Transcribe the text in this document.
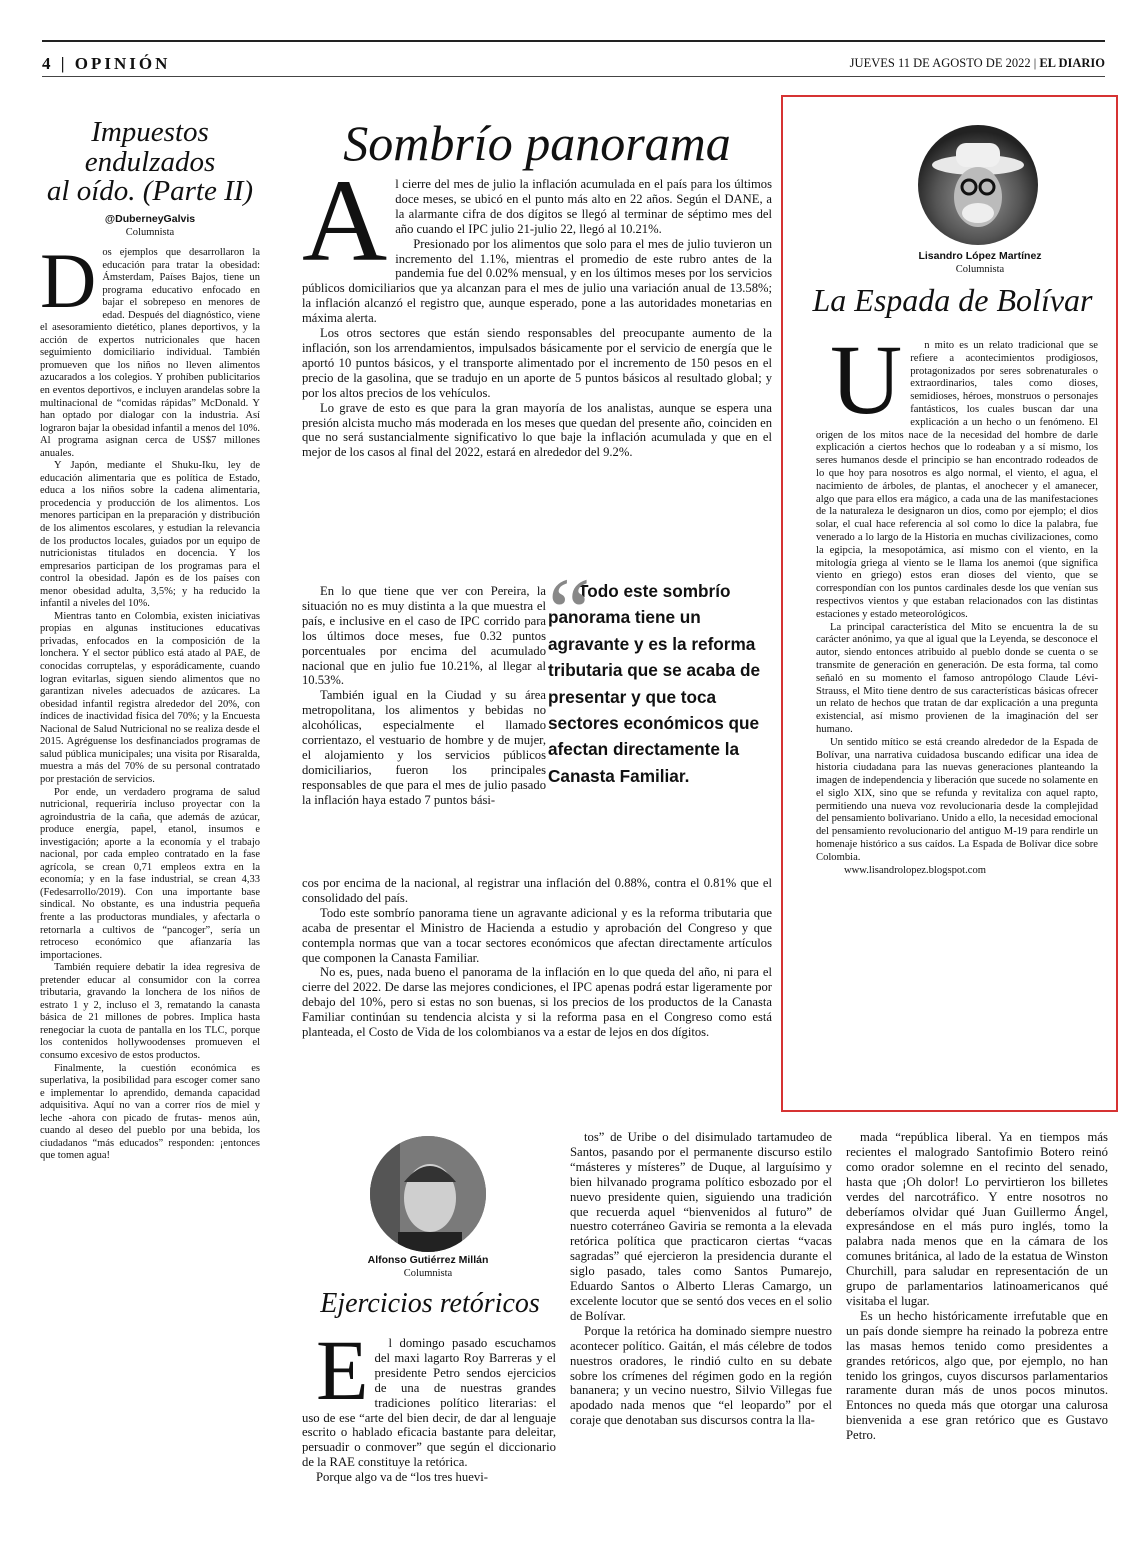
4 | OPINIÓN	JUEVES 11 DE AGOSTO DE 2022 | EL DIARIO
Impuestos
endulzados
al oído. (Parte II)
@DuberneyGalvis
Columnista

Dos ejemplos que desarrollaron la educación para tratar la obesidad: Ámsterdam, Países Bajos, tiene un programa educativo enfocado en bajar el sobrepeso en menores de edad. Después del diagnóstico, viene el asesoramiento dietético, planes deportivos, y la acción de expertos nutricionales que hacen seguimiento domiciliario individual. También promueven que los niños no lleven alimentos azucarados a los colegios. Y prohíben publicitarios en eventos deportivos, e incluyen arandelas sobre la multinacional de “comidas rápidas” McDonald. Y han optado por dialogar con la industria. Así lograron bajar la obesidad infantil a menos del 10%. Al programa asignan cerca de US$7 millones anuales.

Y Japón, mediante el Shuku-Iku, ley de educación alimentaria que es política de Estado, educa a los niños sobre la cadena alimentaria, procedencia y producción de los alimentos. Los menores participan en la preparación y distribución de los alimentos escolares, y estudian la relevancia de los productos locales, guiados por un equipo de nutricionistas titulados en docencia. Y los empresarios participan de los programas para el control la obesidad. Japón es de los países con menor obesidad adulta, 3,5%; y ha reducido la infantil a niveles del 10%.

Mientras tanto en Colombia, existen iniciativas propias en algunas instituciones educativas privadas, enfocados en la composición de la lonchera. Y el sector público está atado al PAE, de conocidas corruptelas, y esporádicamente, cuando logran evitarlas, siguen siendo alimentos que no garantizan niveles adecuados de azúcares. La obesidad infantil registra alrededor del 20%, con índices de inactividad física del 70%; y la Encuesta Nacional de Salud Nutricional no se realiza desde el 2015. Agréguense los desfinanciados programas de salud pública municipales; una visita por Risaralda, muestra a más del 70% de su personal contratado por prestación de servicios.

Por ende, un verdadero programa de salud nutricional, requeriría incluso proyectar con la agroindustria de la caña, que además de azúcar, produce energía, papel, etanol, insumos e investigación; aporte a la economía y el trabajo nacional, por cada empleo contratado en la fase agrícola, se crean 0,71 empleos extra en la economía; y en la fase industrial, se crean 4,33 (Fedesarrollo/2019). Con una importante base sindical. No obstante, es una industria pequeña frente a las productoras mundiales, y afectarla o retornarla a cultivos de “pancoger”, sería un retroceso económico que afianzaría las importaciones.

También requiere debatir la idea regresiva de pretender educar al consumidor con la correa tributaria, gravando la lonchera de los niños de estrato 1 y 2, incluso el 3, rematando la canasta básica de 21 millones de pobres. Implica hasta renegociar la cuota de pantalla en los TLC, porque los contenidos hollywoodenses promueven el consumo excesivo de estos productos.

Finalmente, la cuestión económica es superlativa, la posibilidad para escoger comer sano e implementar lo aprendido, demanda capacidad adquisitiva. Aquí no van a correr ríos de miel y leche -ahora con picado de frutas- menos aún, cuando al deseo del pueblo por una bebida, los ciudadanos “más educados” responden: ¡entonces que tomen agua!

Sombrío panorama

Al cierre del mes de julio la inflación acumulada en el país para los últimos doce meses, se ubicó en el punto más alto en 22 años. Según el DANE, a la alarmante cifra de dos dígitos se llegó al terminar de séptimo mes del año cuando el IPC julio 21-julio 22, llegó al 10.21%.

Presionado por los alimentos que solo para el mes de julio tuvieron un incremento del 1.1%, mientras el promedio de este rubro antes de la pandemia fue del 0.02% mensual, y en los últimos meses por los servicios públicos domiciliarios que ya alcanzan para el mes de julio una variación anual de 13.58%; la inflación alcanzó el registro que, aunque esperado, pone a las autoridades monetarias en máxima alerta.

Los otros sectores que están siendo responsables del preocupante aumento de la inflación, son los arrendamientos, impulsados básicamente por el servicio de energía que le aportó 10 puntos básicos, y el transporte alimentado por el incremento de 150 pesos en el precio de la gasolina, que se tradujo en un aporte de 5 puntos básicos al resultado global; y por los altos precios de los vehículos.

Lo grave de esto es que para la gran mayoría de los analistas, aunque se espera una presión alcista mucho más moderada en los meses que quedan del presente año, coinciden en que no será sustancialmente significativo lo que baje la inflación acumulada y que en el mejor de los casos al final del 2022, estará en alrededor del 9.2%.

En lo que tiene que ver con Pereira, la situación no es muy distinta a la que muestra el país, e inclusive en el caso de IPC corrido para los últimos doce meses, fue 0.32 puntos porcentuales por encima del acumulado nacional que en julio fue 10.21%, al llegar al 10.53%.

También igual en la Ciudad y su área metropolitana, los alimentos y bebidas no alcohólicas, especialmente el llamado corrientazo, el vestuario de hombre y de mujer, el alojamiento y los servicios públicos domiciliarios, fueron los principales responsables de que para el mes de julio pasado la inflación haya estado 7 puntos bási-

cos por encima de la nacional, al registrar una inflación del 0.88%, contra el 0.81% que el consolidado del país.

Todo este sombrío panorama tiene un agravante adicional y es la reforma tributaria que acaba de presentar el Ministro de Hacienda a estudio y aprobación del Congreso y que contempla normas que van a tocar sectores económicos que afectan directamente artículos que componen la Canasta Familiar.

No es, pues, nada bueno el panorama de la inflación en lo que queda del año, ni para el cierre del 2022. De darse las mejores condiciones, el IPC apenas podrá estar ligeramente por debajo del 10%, pero si estas no son buenas, si los precios de los productos de la Canasta Familiar continúan su tendencia alcista y si la reforma pasa en el Congreso como está planteada, el Costo de Vida de los colombianos va a estar de lejos en dos dígitos.

“
Todo este sombrío panorama tiene un agravante y es la reforma tributaria que se acaba de presentar y que toca sectores económicos que afectan directamente la Canasta Familiar.
Lisandro López Martínez
Columnista
La Espada de Bolívar

U n mito es un relato tradicional que se refiere a acontecimientos prodigiosos, protagonizados por seres sobrenaturales o extraordinarios, tales como dioses, semidioses, héroes, monstruos o personajes fantásticos, los cuales buscan dar una explicación a un hecho o un fenómeno. El origen de los mitos nace de la necesidad del hombre de darle explicación a ciertos hechos que lo rodeaban y a sí mismo, los seres humanos desde el principio se han encontrado rodeados de lo que hoy para nosotros es algo normal, el viento, el agua, el nacimiento de árboles, de plantas, el anochecer y el amanecer, algo que para ellos era mágico, a cada una de las manifestaciones de la naturaleza le designaron un dios, como por ejemplo; el dios solar, el cual hace referencia al sol como lo dice la palabra, fue venerado a lo largo de la Historia en muchas civilizaciones, como la egipcia, la mesopotámica, así mismo con el viento, en la mitología griega al viento se le llama los anemoi (que significa viento en griego) estos eran dioses del viento, que se correspondían con los puntos cardinales desde los que venían sus respectivos vientos y que estaban relacionados con las distintas estaciones y estado meteorológicos.

La principal característica del Mito se encuentra la de su carácter anónimo, ya que al igual que la Leyenda, se desconoce el autor, siendo entonces atribuido al pueblo donde se cuenta o se transmite de generación en generación. De esta forma, tal como señaló en su momento el famoso antropólogo Claude Lévi-Strauss, el Mito tiene dentro de sus características básicas ofrecer un relato de hechos que tratan de dar explicación a una pregunta existencial, así mismo provienen de la imaginación del ser humano.

Un sentido mítico se está creando alrededor de la Espada de Bolívar, una narrativa cuidadosa buscando edificar una idea de historia ciudadana para las nuevas generaciones planteando la imagen de independencia y liberación que sucede no solamente en el siglo XIX, sino que se refunda y revitaliza con aquel rapto, permitiendo una nueva voz revolucionaria desde la complejidad del pensamiento bolivariano. Unido a ello, la necesidad emocional del pensamiento revolucionario del antiguo M-19 para rendirle un homenaje histórico a sus caídos. La Espada de Bolívar dice sobre Colombia.

www.lisandrolopez.blogspot.com

Alfonso Gutiérrez Millán
Columnista
Ejercicios retóricos

E l domingo pasado escuchamos del maxi lagarto Roy Barreras y el presidente Petro sendos ejercicios de una de nuestras grandes tradiciones político literarias: el uso de ese “arte del bien decir, de dar al lenguaje escrito o hablado eficacia bastante para deleitar, persuadir o conmover” que según el diccionario de la RAE constituye la retórica.

Porque algo va de “los tres huevi-

tos” de Uribe o del disimulado tartamudeo de Santos, pasando por el permanente discurso estilo “másteres y místeres” de Duque, al larguísimo y bien hilvanado programa político esbozado por el nuevo presidente quien, siguiendo una tradición que recuerda aquel “bienvenidos al futuro” de nuestro coterráneo Gaviria se remonta a la elevada retórica política que practicaron ciertas “vacas sagradas” qué ejercieron la presidencia durante el siglo pasado, tales como Santos Pumarejo, Eduardo Santos o Alberto Lleras Camargo, un excelente locutor que se sentó dos veces en el solio de Bolívar.

Porque la retórica ha dominado siempre nuestro acontecer político. Gaitán, el más célebre de todos nuestros oradores, le rindió culto en su debate sobre los crímenes del régimen godo en la región bananera; y un vecino nuestro, Silvio Villegas fue apodado nada menos que “el leopardo” por el coraje que denotaban sus discursos contra la lla-

mada “república liberal. Ya en tiempos más recientes el malogrado Santofimio Botero reinó como orador solemne en el recinto del senado, hasta que ¡Oh dolor! Lo pervirtieron los billetes verdes del narcotráfico. Y entre nosotros no deberíamos olvidar qué Juan Guillermo Ángel, expresándose en el más puro inglés, tomo la palabra nada menos que en la cámara de los comunes británica, al lado de la estatua de Winston Churchill, para saludar en representación de un grupo de parlamentarios latinoamericanos qué visitaba el lugar.

Es un hecho históricamente irrefutable que en un país donde siempre ha reinado la pobreza entre las masas hemos tenido como presidentes a grandes retóricos, algo que, por ejemplo, no han tenido los gringos, cuyos discursos parlamentarios raramente duran más de unos pocos minutos. Entonces no queda más que otorgar una calurosa bienvenida a ese gran retórico que es Gustavo Petro.
